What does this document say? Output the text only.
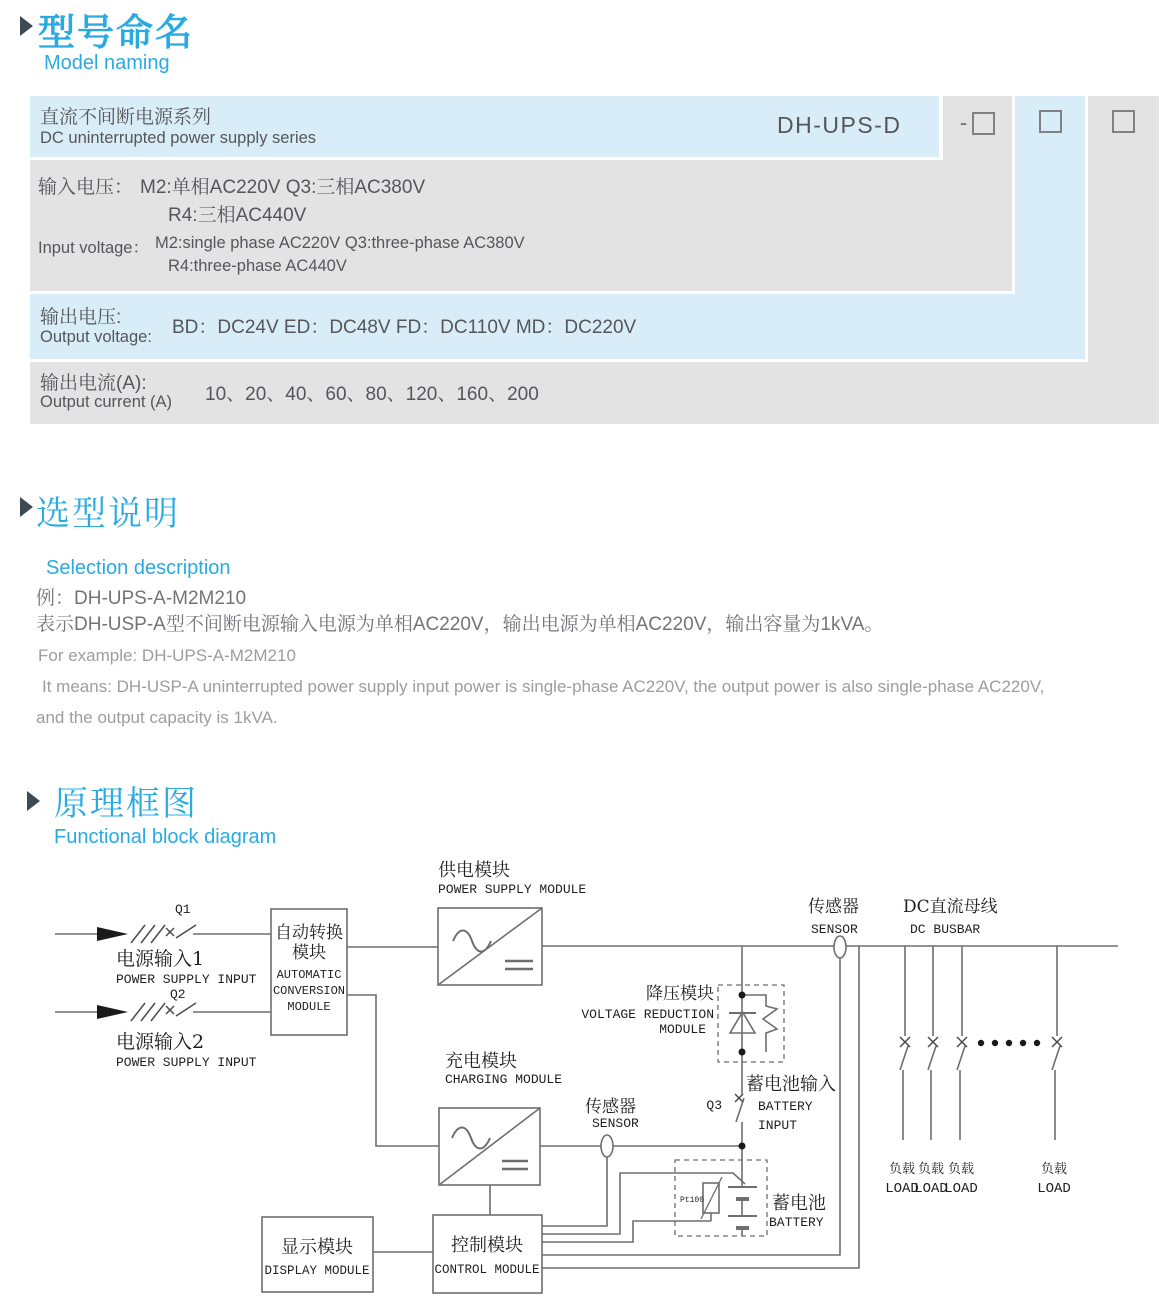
型号命名
Model naming
直流不间断电源系列
DC uninterrupted power supply series	DH-UPS-D	-
输入电压： M2:单相AC220V Q3:三相AC380V
R4:三相AC440V
Input voltage： M2:single phase AC220V Q3:three-phase AC380V
R4:three-phase AC440V
输出电压:
Output voltage: BD：DC24V ED：DC48V FD：DC110V MD：DC220V
输出电流(A):
Output current (A) 10、20、40、60、80、120、160、200
选型说明
Selection description
例：DH-UPS-A-M2M210
表示DH-USP-A型不间断电源输入电源为单相AC220V，输出电源为单相AC220V，输出容量为1kVA。
For example: DH-UPS-A-M2M210
It means: DH-USP-A uninterrupted power supply input power is single-phase AC220V, the output power is also single-phase AC220V,
and the output capacity is 1kVA.
原理框图
Functional block diagram
Q1
Q2
电源输入1
POWER SUPPLY INPUT
电源输入2
POWER SUPPLY INPUT
自动转换
模块
AUTOMATIC
CONVERSION
MODULE
供电模块
POWER SUPPLY MODULE
充电模块
CHARGING MODULE
降压模块
VOLTAGE REDUCTION
MODULE
传感器
SENSOR
Q3
蓄电池输入
BATTERY
INPUT
蓄电池
BATTERY
Pt100
传感器
SENSOR
DC直流母线
DC BUSBAR
显示模块
DISPLAY MODULE
控制模块
CONTROL MODULE
负载 负载 负载	负载
LOAD
LOAD
LOAD	LOAD
